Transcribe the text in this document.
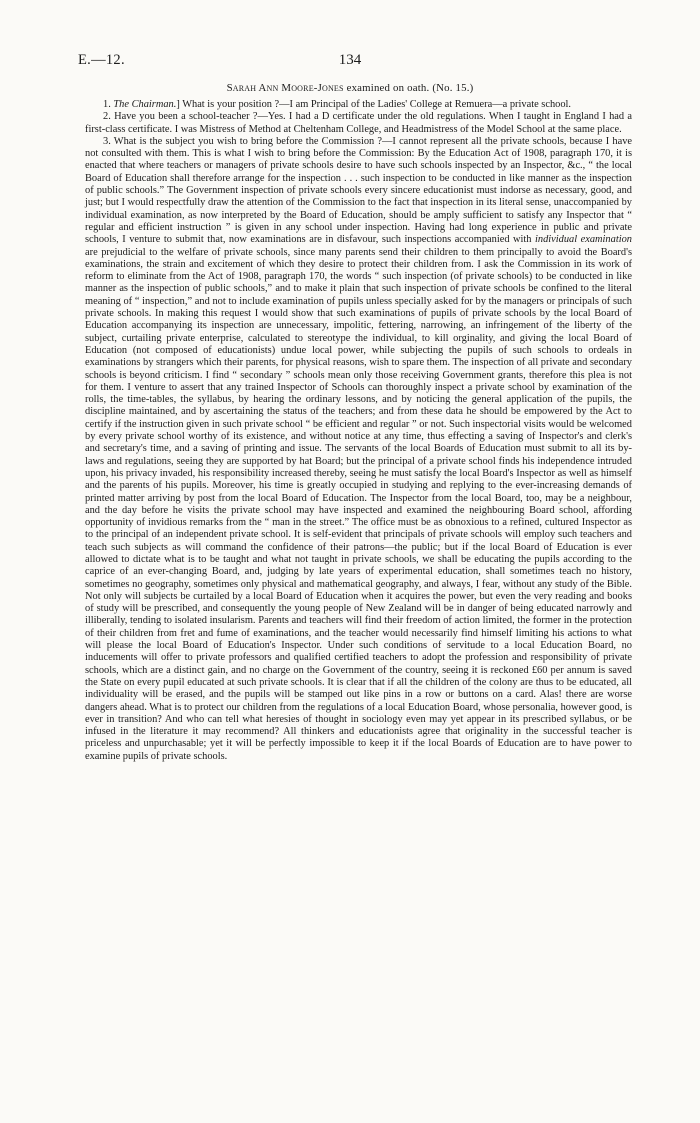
E.—12.	134
Sarah Ann Moore-Jones examined on oath. (No. 15.)

1. The Chairman.] What is your position ?—I am Principal of the Ladies' College at Remuera—a private school.

2. Have you been a school-teacher ?—Yes. I had a D certificate under the old regulations. When I taught in England I had a first-class certificate. I was Mistress of Method at Cheltenham College, and Headmistress of the Model School at the same place.

3. What is the subject you wish to bring before the Commission ?—I cannot represent all the private schools, because I have not consulted with them. This is what I wish to bring before the Commission: By the Education Act of 1908, paragraph 170, it is enacted that where teachers or managers of private schools desire to have such schools inspected by an Inspector, &c., “ the local Board of Education shall therefore arrange for the inspection . . . such inspection to be conducted in like manner as the inspection of public schools.” The Government inspection of private schools every sincere educationist must indorse as necessary, good, and just; but I would respectfully draw the attention of the Commission to the fact that inspection in its literal sense, unaccompanied by individual examination, as now interpreted by the Board of Education, should be amply sufficient to satisfy any Inspector that “ regular and efficient instruction ” is given in any school under inspection. Having had long experience in public and private schools, I venture to submit that, now examinations are in disfavour, such inspections accompanied with individual examination are prejudicial to the welfare of private schools, since many parents send their children to them principally to avoid the Board's examinations, the strain and excitement of which they desire to protect their children from. I ask the Commission in its work of reform to eliminate from the Act of 1908, paragraph 170, the words “ such inspection (of private schools) to be conducted in like manner as the inspection of public schools,” and to make it plain that such inspection of private schools be confined to the literal meaning of “ inspection,” and not to include examination of pupils unless specially asked for by the managers or principals of such private schools. In making this request I would show that such examinations of pupils of private schools by the local Board of Education accompanying its inspection are unnecessary, impolitic, fettering, narrowing, an infringement of the liberty of the subject, curtailing private enterprise, calculated to stereotype the individual, to kill orginality, and giving the local Board of Education (not composed of educationists) undue local power, while subjecting the pupils of such schools to ordeals in examinations by strangers which their parents, for physical reasons, wish to spare them. The inspection of all private and secondary schools is beyond criticism. I find “ secondary ” schools mean only those receiving Government grants, therefore this plea is not for them. I venture to assert that any trained Inspector of Schools can thoroughly inspect a private school by examination of the rolls, the time-tables, the syllabus, by hearing the ordinary lessons, and by noticing the general application of the pupils, the discipline maintained, and by ascertaining the status of the teachers; and from these data he should be empowered by the Act to certify if the instruction given in such private school “ be efficient and regular ” or not. Such inspectorial visits would be welcomed by every private school worthy of its existence, and without notice at any time, thus effecting a saving of Inspector's and clerk's and secretary's time, and a saving of printing and issue. The servants of the local Boards of Education must submit to all its by-laws and regulations, seeing they are supported by hat Board; but the principal of a private school finds his independence intruded upon, his privacy invaded, his responsibility increased thereby, seeing he must satisfy the local Board's Inspector as well as himself and the parents of his pupils. Moreover, his time is greatly occupied in studying and replying to the ever-increasing demands of printed matter arriving by post from the local Board of Education. The Inspector from the local Board, too, may be a neighbour, and the day before he visits the private school may have inspected and examined the neighbouring Board school, affording opportunity of invidious remarks from the “ man in the street.” The office must be as obnoxious to a refined, cultured Inspector as to the principal of an independent private school. It is self-evident that principals of private schools will employ such teachers and teach such subjects as will command the confidence of their patrons—the public; but if the local Board of Education is ever allowed to dictate what is to be taught and what not taught in private schools, we shall be educating the pupils according to the caprice of an ever-changing Board, and, judging by late years of experimental education, shall sometimes teach no history, sometimes no geography, sometimes only physical and mathematical geography, and always, I fear, without any study of the Bible. Not only will subjects be curtailed by a local Board of Education when it acquires the power, but even the very reading and books of study will be prescribed, and consequently the young people of New Zealand will be in danger of being educated narrowly and illiberally, tending to isolated insularism. Parents and teachers will find their freedom of action limited, the former in the protection of their children from fret and fume of examinations, and the teacher would necessarily find himself limiting his actions to what will please the local Board of Education's Inspector. Under such conditions of servitude to a local Education Board, no inducements will offer to private professors and qualified certified teachers to adopt the profession and responsibility of private schools, which are a distinct gain, and no charge on the Government of the country, seeing it is reckoned £60 per annum is saved the State on every pupil educated at such private schools. It is clear that if all the children of the colony are thus to be educated, all individuality will be erased, and the pupils will be stamped out like pins in a row or buttons on a card. Alas! there are worse dangers ahead. What is to protect our children from the regulations of a local Education Board, whose personalia, however good, is ever in transition? And who can tell what heresies of thought in sociology even may yet appear in its prescribed syllabus, or be infused in the literature it may recommend? All thinkers and educationists agree that originality in the successful teacher is priceless and unpurchasable; yet it will be perfectly impossible to keep it if the local Boards of Education are to have power to examine pupils of private schools.
